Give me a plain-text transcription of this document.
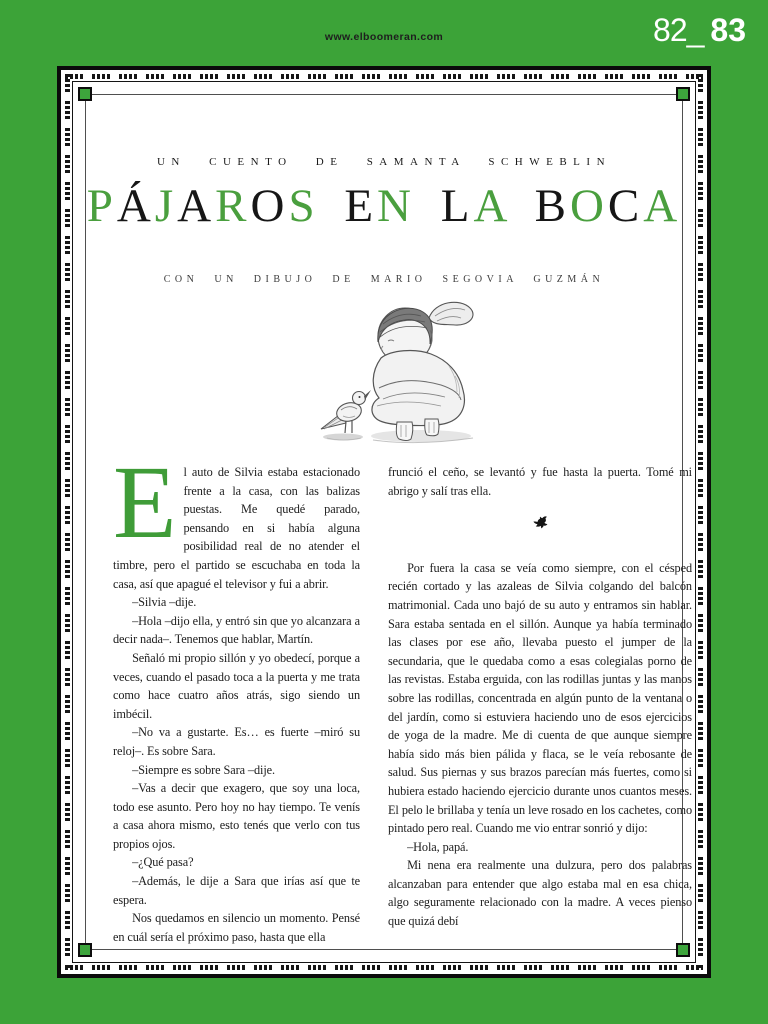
www.elboomeran.com	82_ 83
UN CUENTO DE SAMANTA SCHWEBLIN
PÁJAROS EN LA BOCA
CON UN DIBUJO DE MARIO SEGOVIA GUZMÁN

El auto de Silvia estaba estacionado frente a la casa, con las balizas puestas. Me quedé parado, pensando en si había alguna posibilidad real de no atender el timbre, pero el partido se escuchaba en toda la casa, así que apagué el televisor y fui a abrir.

–Silvia –dije.

–Hola –dijo ella, y entró sin que yo alcanzara a decir nada–. Tenemos que hablar, Martín.

Señaló mi propio sillón y yo obedecí, porque a veces, cuando el pasado toca a la puerta y me trata como hace cuatro años atrás, sigo siendo un imbécil.

–No va a gustarte. Es… es fuerte –miró su reloj–. Es sobre Sara.

–Siempre es sobre Sara –dije.

–Vas a decir que exagero, que soy una loca, todo ese asunto. Pero hoy no hay tiempo. Te venís a casa ahora mismo, esto tenés que verlo con tus propios ojos.

–¿Qué pasa?

–Además, le dije a Sara que irías así que te espera.

Nos quedamos en silencio un momento. Pensé en cuál sería el próximo paso, hasta que ella

frunció el ceño, se levantó y fue hasta la puerta. Tomé mi abrigo y salí tras ella.

Por fuera la casa se veía como siempre, con el césped recién cortado y las azaleas de Silvia colgando del balcón matrimonial. Cada uno bajó de su auto y entramos sin hablar. Sara estaba sentada en el sillón. Aunque ya había terminado las clases por ese año, llevaba puesto el jumper de la secundaria, que le quedaba como a esas colegialas porno de las revistas. Estaba erguida, con las rodillas juntas y las manos sobre las rodillas, concentrada en algún punto de la ventana o del jardín, como si estuviera haciendo uno de esos ejercicios de yoga de la madre. Me di cuenta de que aunque siempre había sido más bien pálida y flaca, se le veía rebosante de salud. Sus piernas y sus brazos parecían más fuertes, como si hubiera estado haciendo ejercicio durante unos cuantos meses. El pelo le brillaba y tenía un leve rosado en los cachetes, como pintado pero real. Cuando me vio entrar sonrió y dijo:

–Hola, papá.

Mi nena era realmente una dulzura, pero dos palabras alcanzaban para entender que algo estaba mal en esa chica, algo seguramente relacionado con la madre. A veces pienso que quizá debí
